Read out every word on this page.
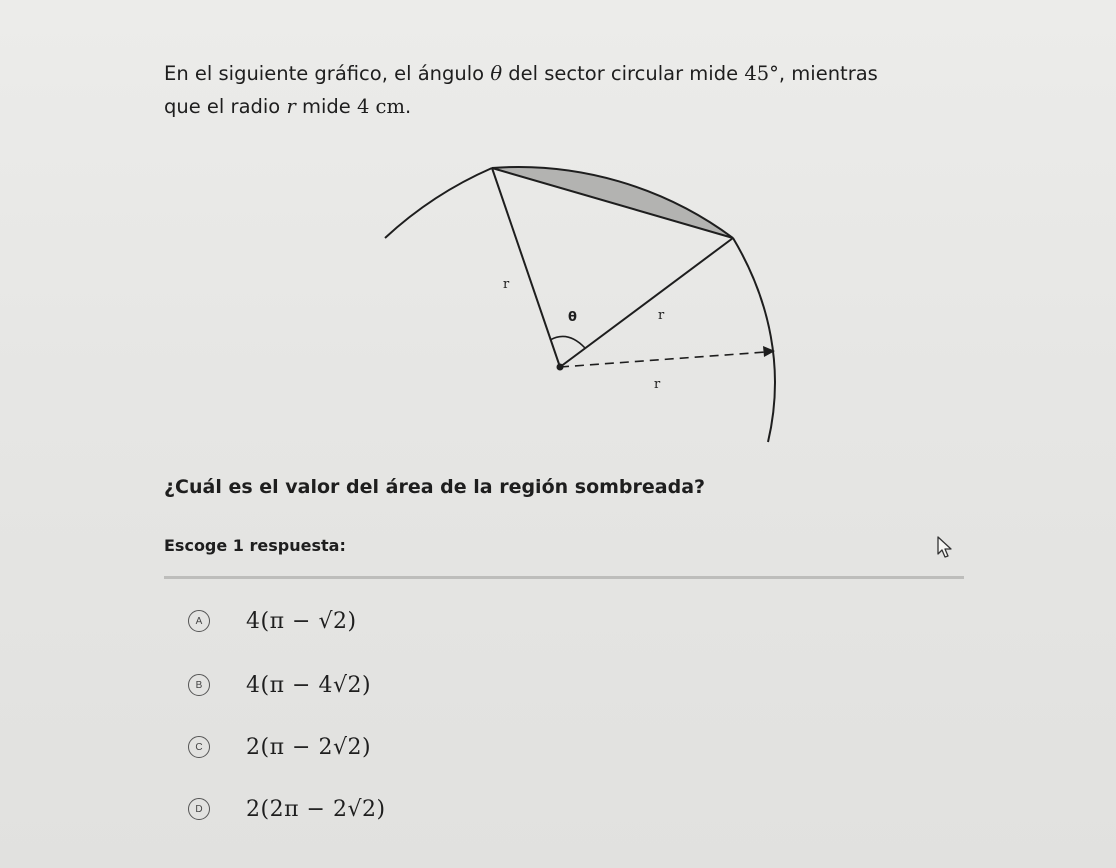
En el siguiente gráfico, el ángulo θ del sector circular mide 45°, mientras
que el radio r mide 4 cm.
r
θ	r
r
¿Cuál es el valor del área de la región sombreada?
Escoge 1 respuesta:
A	4(π − √2)
B	4(π − 4√2)
C	2(π − 2√2)
D	2(2π − 2√2)
